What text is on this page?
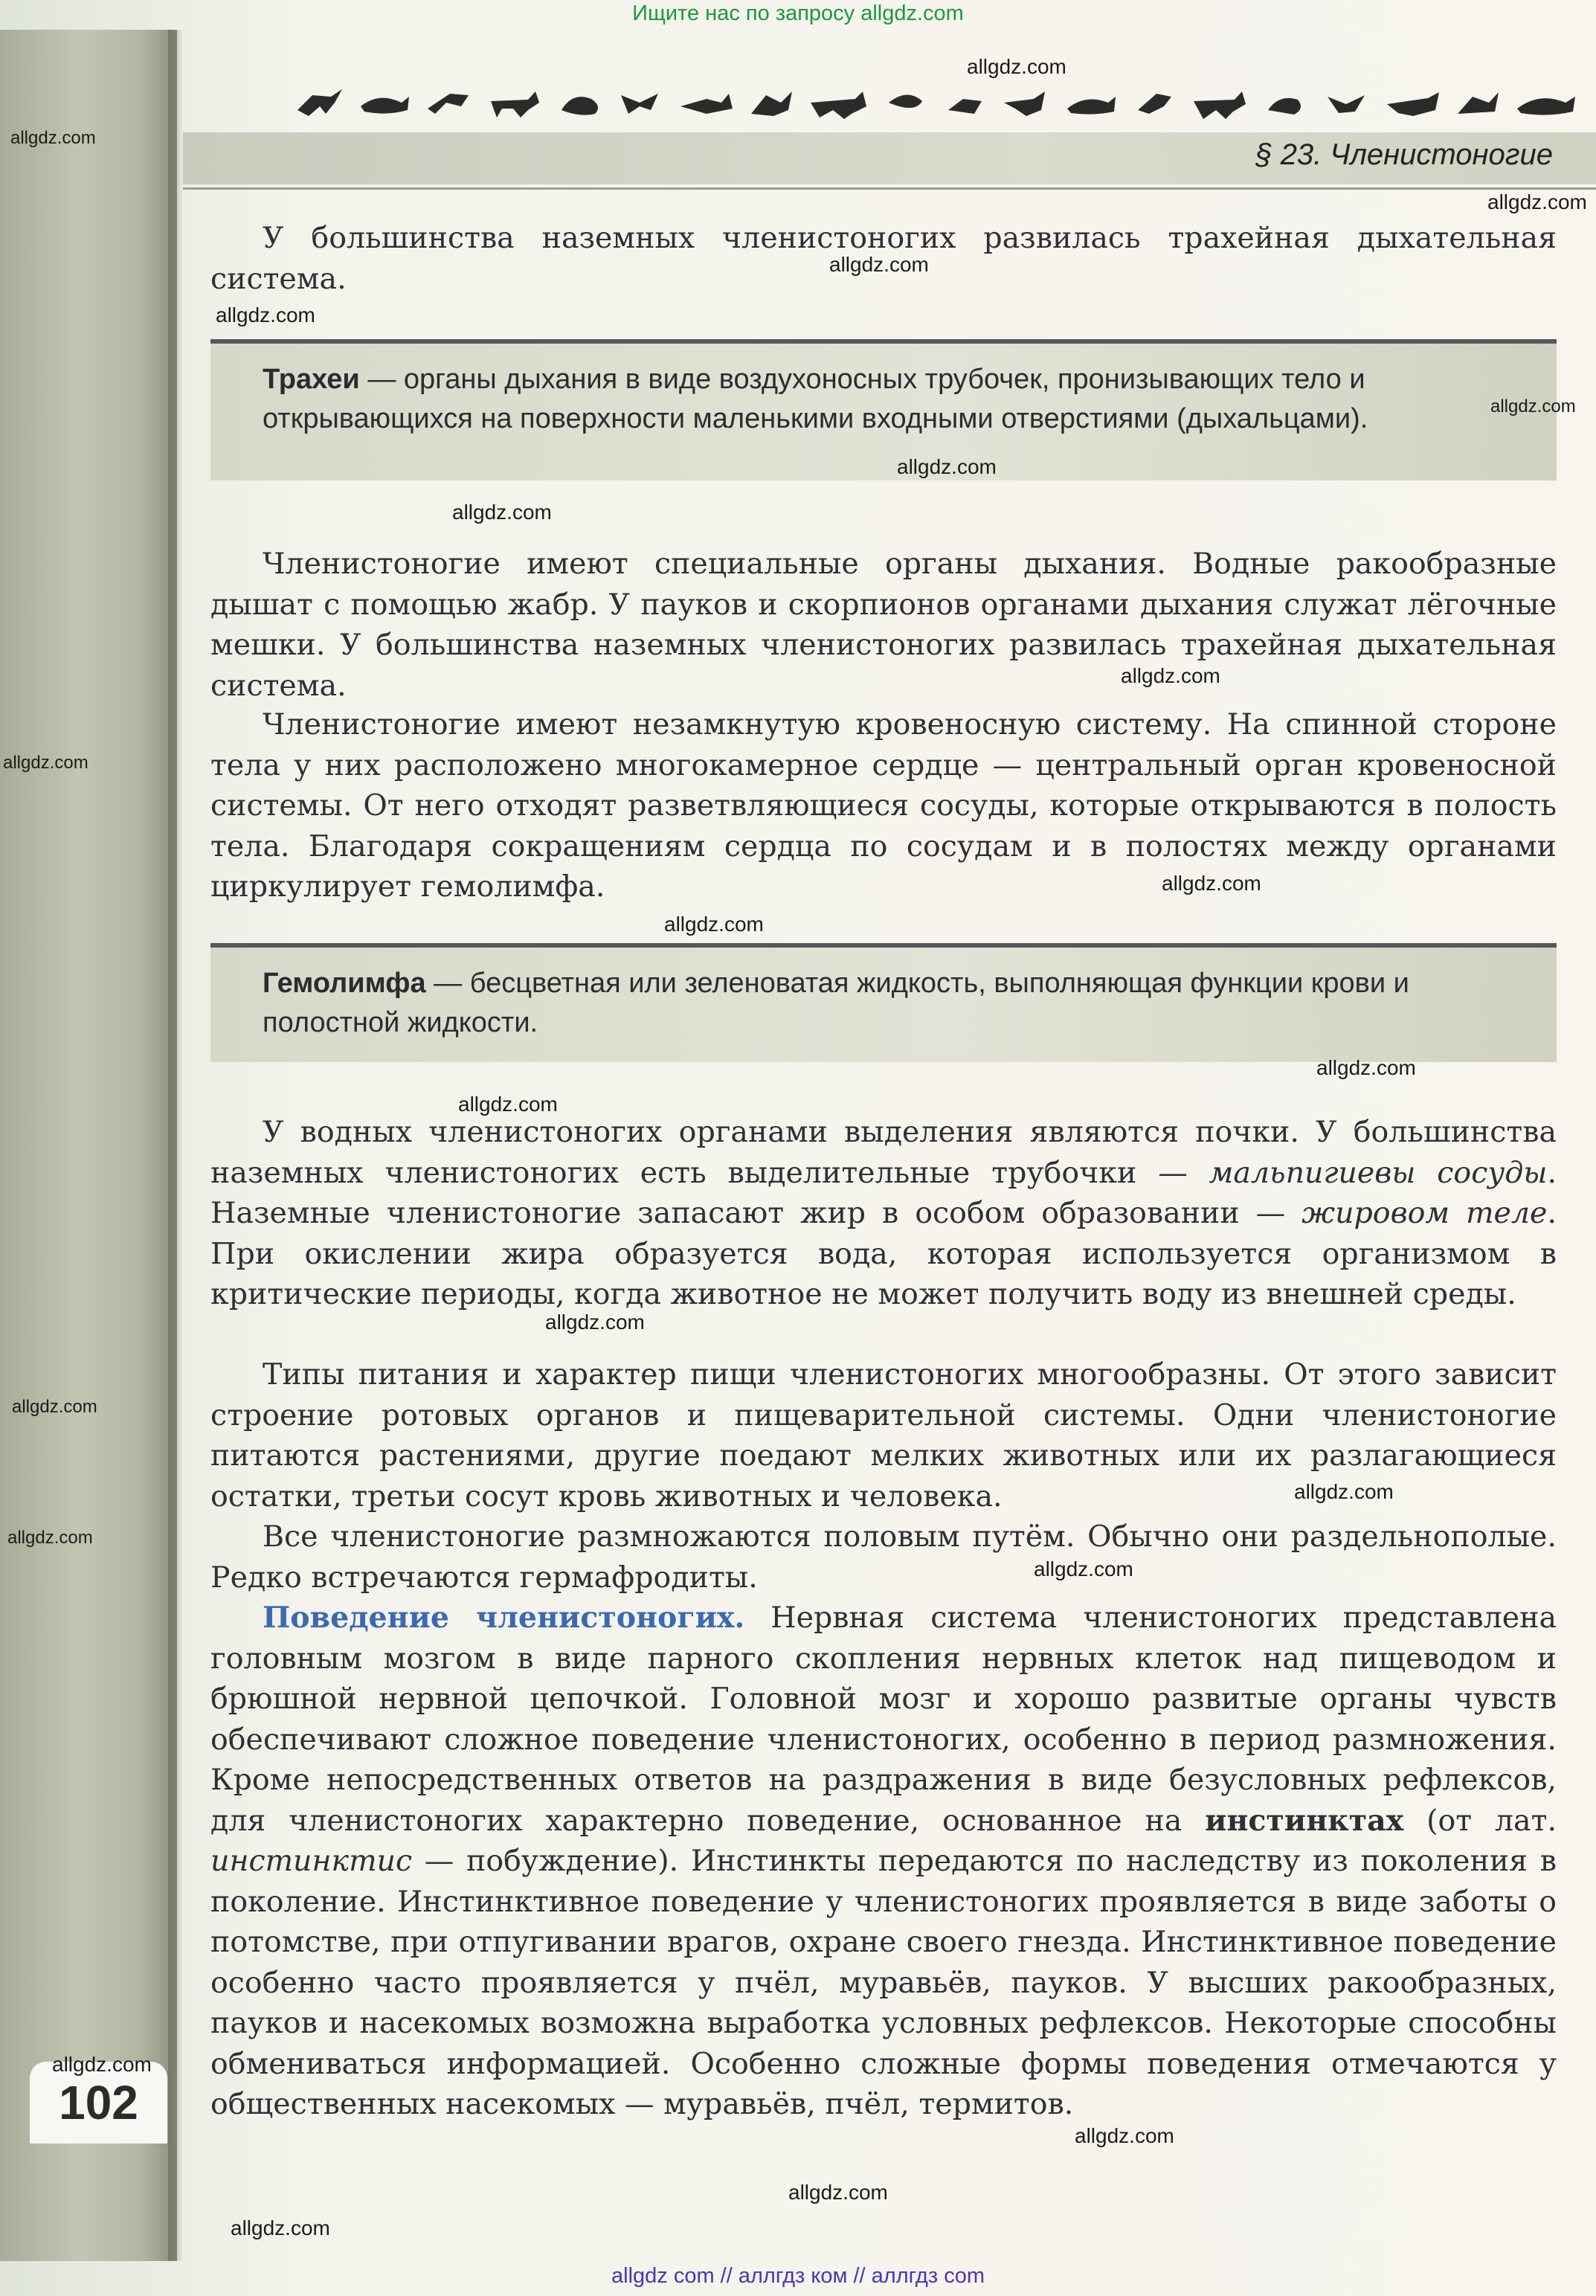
Ищите нас по запросу allgdz.com
§ 23. Членистоногие
У большинства наземных членистоногих развилась трахейная дыхательная система.
Трахеи — органы дыхания в виде воздухоносных трубочек, пронизывающих тело и открывающихся на поверхности маленькими входными отверстиями (дыхальцами).
Членистоногие имеют специальные органы дыхания. Водные ракообразные дышат с помощью жабр. У пауков и скорпионов органами дыхания служат лёгочные мешки. У большинства наземных членистоногих развилась трахейная дыхательная система.
Членистоногие имеют незамкнутую кровеносную систему. На спинной стороне тела у них расположено многокамерное сердце — центральный орган кровеносной системы. От него отходят разветвляющиеся сосуды, которые открываются в полость тела. Благодаря сокращениям сердца по сосудам и в полостях между органами циркулирует гемолимфа.
Гемолимфа — бесцветная или зеленоватая жидкость, выполняющая функции крови и полостной жидкости.
У водных членистоногих органами выделения являются почки. У большинства наземных членистоногих есть выделительные трубочки — мальпигиевы сосуды. Наземные членистоногие запасают жир в особом образовании — жировом теле. При окислении жира образуется вода, которая используется организмом в критические периоды, когда животное не может получить воду из внешней среды.
Типы питания и характер пищи членистоногих многообразны. От этого зависит строение ротовых органов и пищеварительной системы. Одни членистоногие питаются растениями, другие поедают мелких животных или их разлагающиеся остатки, третьи сосут кровь животных и человека.
Все членистоногие размножаются половым путём. Обычно они раздельнополые. Редко встречаются гермафродиты.
Поведение членистоногих. Нервная система членистоногих представлена головным мозгом в виде парного скопления нервных клеток над пищеводом и брюшной нервной цепочкой. Головной мозг и хорошо развитые органы чувств обеспечивают сложное поведение членистоногих, особенно в период размножения. Кроме непосредственных ответов на раздражения в виде безусловных рефлексов, для членистоногих характерно поведение, основанное на инстинктах (от лат. инстинктис — побуждение). Инстинкты передаются по наследству из поколения в поколение. Инстинктивное поведение у членистоногих проявляется в виде заботы о потомстве, при отпугивании врагов, охране своего гнезда. Инстинктивное поведение особенно часто проявляется у пчёл, муравьёв, пауков. У высших ракообразных, пауков и насекомых возможна выработка условных рефлексов. Некоторые способны обмениваться информацией. Особенно сложные формы поведения отмечаются у общественных насекомых — муравьёв, пчёл, термитов.
102
allgdz.com
allgdz.com
allgdz.com
allgdz.com
allgdz.com
allgdz.com
allgdz.com
allgdz.com
allgdz.com
allgdz.com
allgdz.com
allgdz.com
allgdz.com
allgdz.com
allgdz.com
allgdz.com
allgdz.com
allgdz.com
allgdz.com
allgdz.com
allgdz.com
allgdz.com
allgdz.com
allgdz com // аллгдз ком // аллгдз com
